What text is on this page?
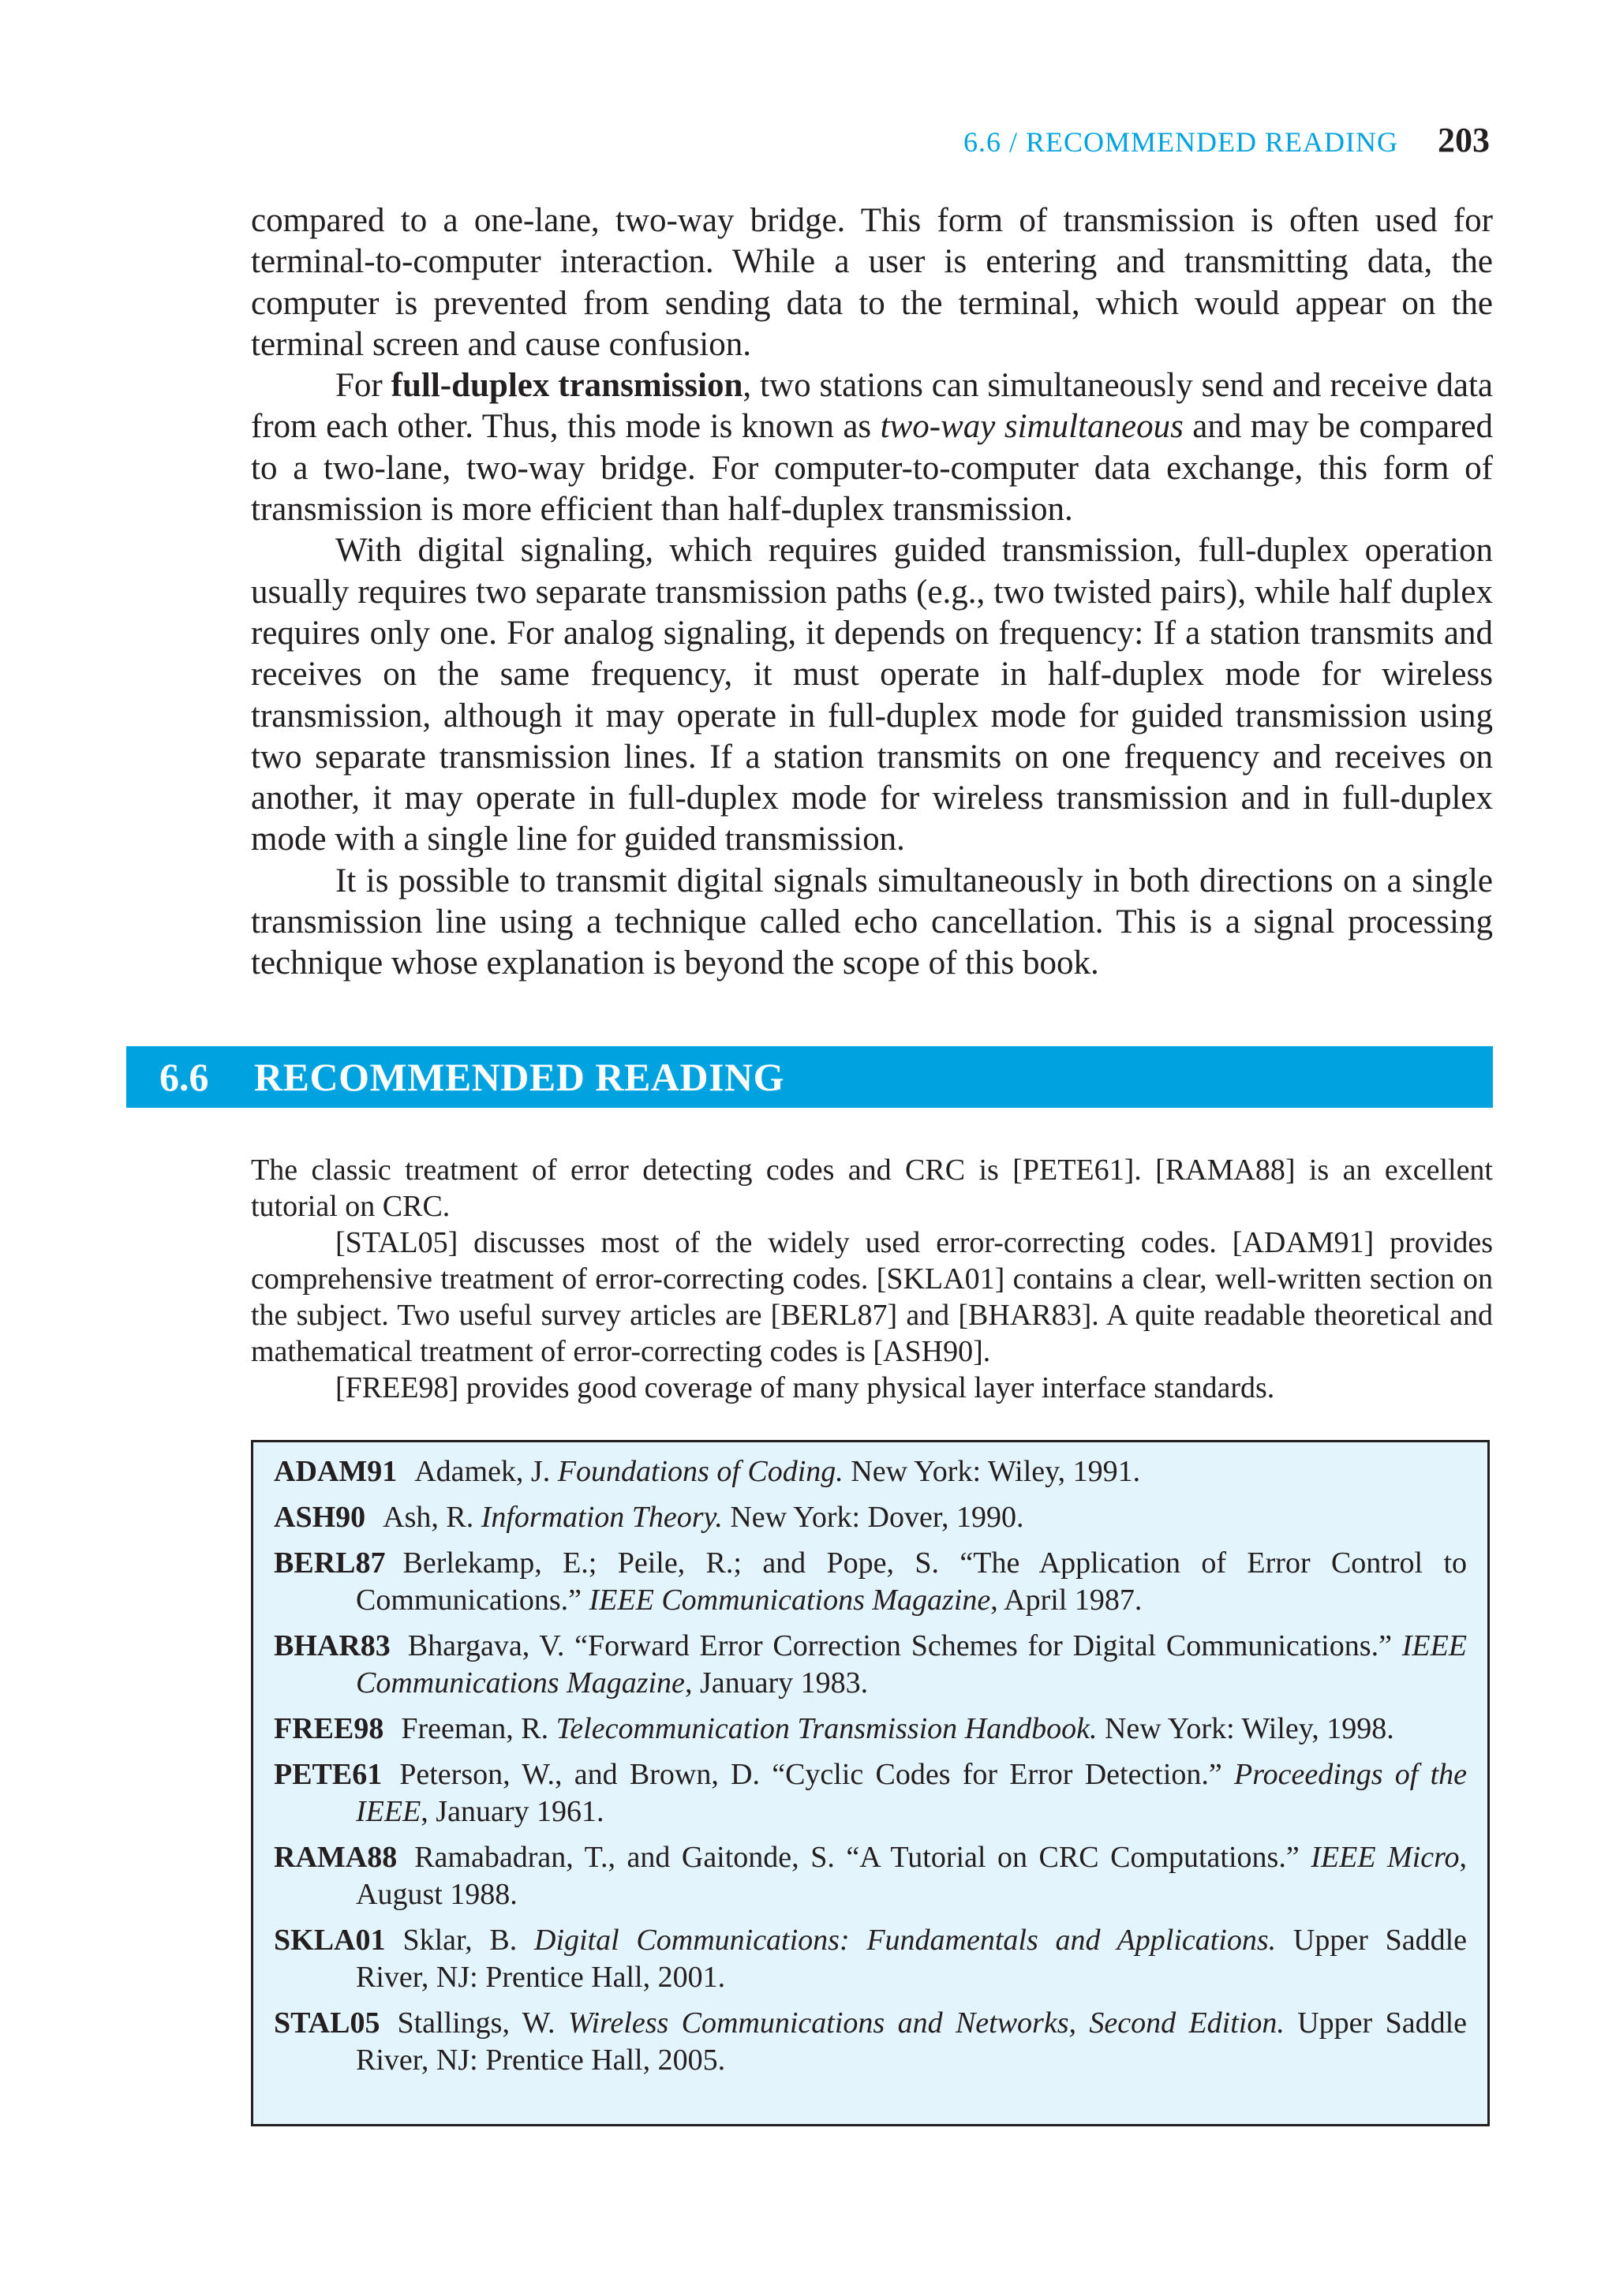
6.6 / RECOMMENDED READING 203

compared to a one-lane, two-way bridge. This form of transmission is often used for terminal-to-computer interaction. While a user is entering and transmitting data, the computer is prevented from sending data to the terminal, which would appear on the terminal screen and cause confusion.

For full-duplex transmission, two stations can simultaneously send and receive data from each other. Thus, this mode is known as two-way simultaneous and may be compared to a two-lane, two-way bridge. For computer-to-computer data exchange, this form of transmission is more efficient than half-duplex transmission.

With digital signaling, which requires guided transmission, full-duplex operation usually requires two separate transmission paths (e.g., two twisted pairs), while half duplex requires only one. For analog signaling, it depends on frequency: If a station transmits and receives on the same frequency, it must operate in half-duplex mode for wireless transmission, although it may operate in full-duplex mode for guided transmission using two separate transmission lines. If a station transmits on one frequency and receives on another, it may operate in full-duplex mode for wireless transmission and in full-duplex mode with a single line for guided transmission.

It is possible to transmit digital signals simultaneously in both directions on a single transmission line using a technique called echo cancellation. This is a signal processing technique whose explanation is beyond the scope of this book.

6.6	RECOMMENDED READING

The classic treatment of error detecting codes and CRC is [PETE61]. [RAMA88] is an excellent tutorial on CRC.

[STAL05] discusses most of the widely used error-correcting codes. [ADAM91] provides comprehensive treatment of error-correcting codes. [SKLA01] contains a clear, well-written section on the subject. Two useful survey articles are [BERL87] and [BHAR83]. A quite readable theoretical and mathematical treatment of error-correcting codes is [ASH90].

[FREE98] provides good coverage of many physical layer interface standards.

ADAM91 Adamek, J. Foundations of Coding. New York: Wiley, 1991.
ASH90 Ash, R. Information Theory. New York: Dover, 1990.
BERL87 Berlekamp, E.; Peile, R.; and Pope, S. “The Application of Error Control to Communications.” IEEE Communications Magazine, April 1987.
BHAR83 Bhargava, V. “Forward Error Correction Schemes for Digital Communications.” IEEE Communications Magazine, January 1983.
FREE98 Freeman, R. Telecommunication Transmission Handbook. New York: Wiley, 1998.
PETE61 Peterson, W., and Brown, D. “Cyclic Codes for Error Detection.” Proceedings of the IEEE, January 1961.
RAMA88 Ramabadran, T., and Gaitonde, S. “A Tutorial on CRC Computations.” IEEE Micro, August 1988.
SKLA01 Sklar, B. Digital Communications: Fundamentals and Applications. Upper Saddle River, NJ: Prentice Hall, 2001.
STAL05 Stallings, W. Wireless Communications and Networks, Second Edition. Upper Saddle River, NJ: Prentice Hall, 2005.
